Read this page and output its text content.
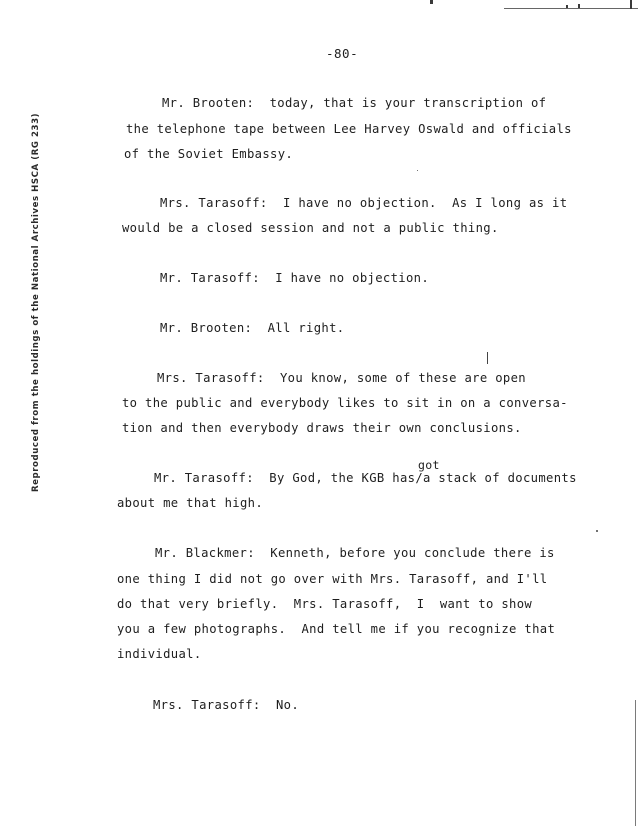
Reproduced from the holdings of the National Archives HSCA (RG 233)
-80-
Mr. Brooten:  today, that is your transcription of
the telephone tape between Lee Harvey Oswald and officials
of the Soviet Embassy.
Mrs. Tarasoff:  I have no objection.  As I long as it
would be a closed session and not a public thing.
Mr. Tarasoff:  I have no objection.
Mr. Brooten:  All right.
Mrs. Tarasoff:  You know, some of these are open
to the public and everybody likes to sit in on a conversa-
tion and then everybody draws their own conclusions.
got
Mr. Tarasoff:  By God, the KGB has/a stack of documents
about me that high.
Mr. Blackmer:  Kenneth, before you conclude there is
one thing I did not go over with Mrs. Tarasoff, and I'll
do that very briefly.  Mrs. Tarasoff,  I  want to show
you a few photographs.  And tell me if you recognize that
individual.
Mrs. Tarasoff:  No.
